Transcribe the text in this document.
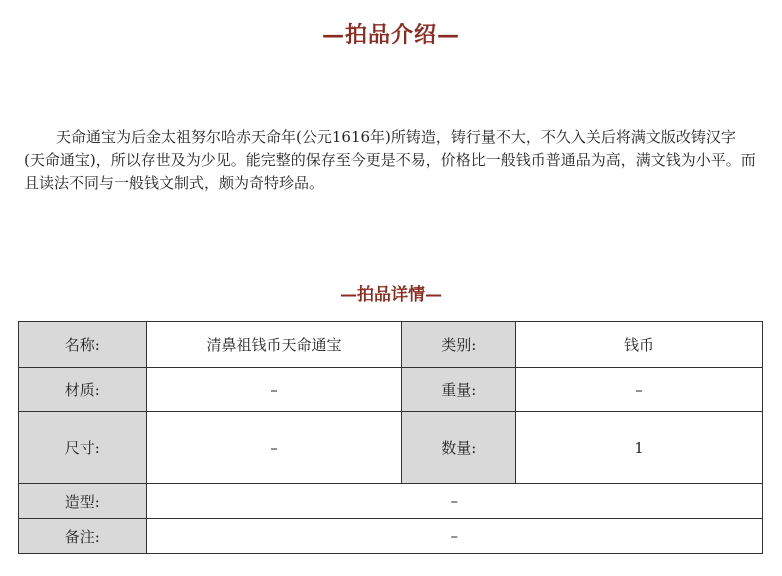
—拍品介绍—

天命通宝为后金太祖努尔哈赤天命年(公元1616年)所铸造，铸行量不大，不久入关后将满文版改铸汉字(天命通宝)，所以存世及为少见。能完整的保存至今更是不易，价格比一般钱币普通品为高，满文钱为小平。而且读法不同与一般钱文制式，颇为奇特珍品。

—拍品详情—
名称:	清鼻祖钱币天命通宝	类别:	钱币
材质:	–	重量:	–
尺寸:	–	数量:	1
造型:	–		
备注:	–		
